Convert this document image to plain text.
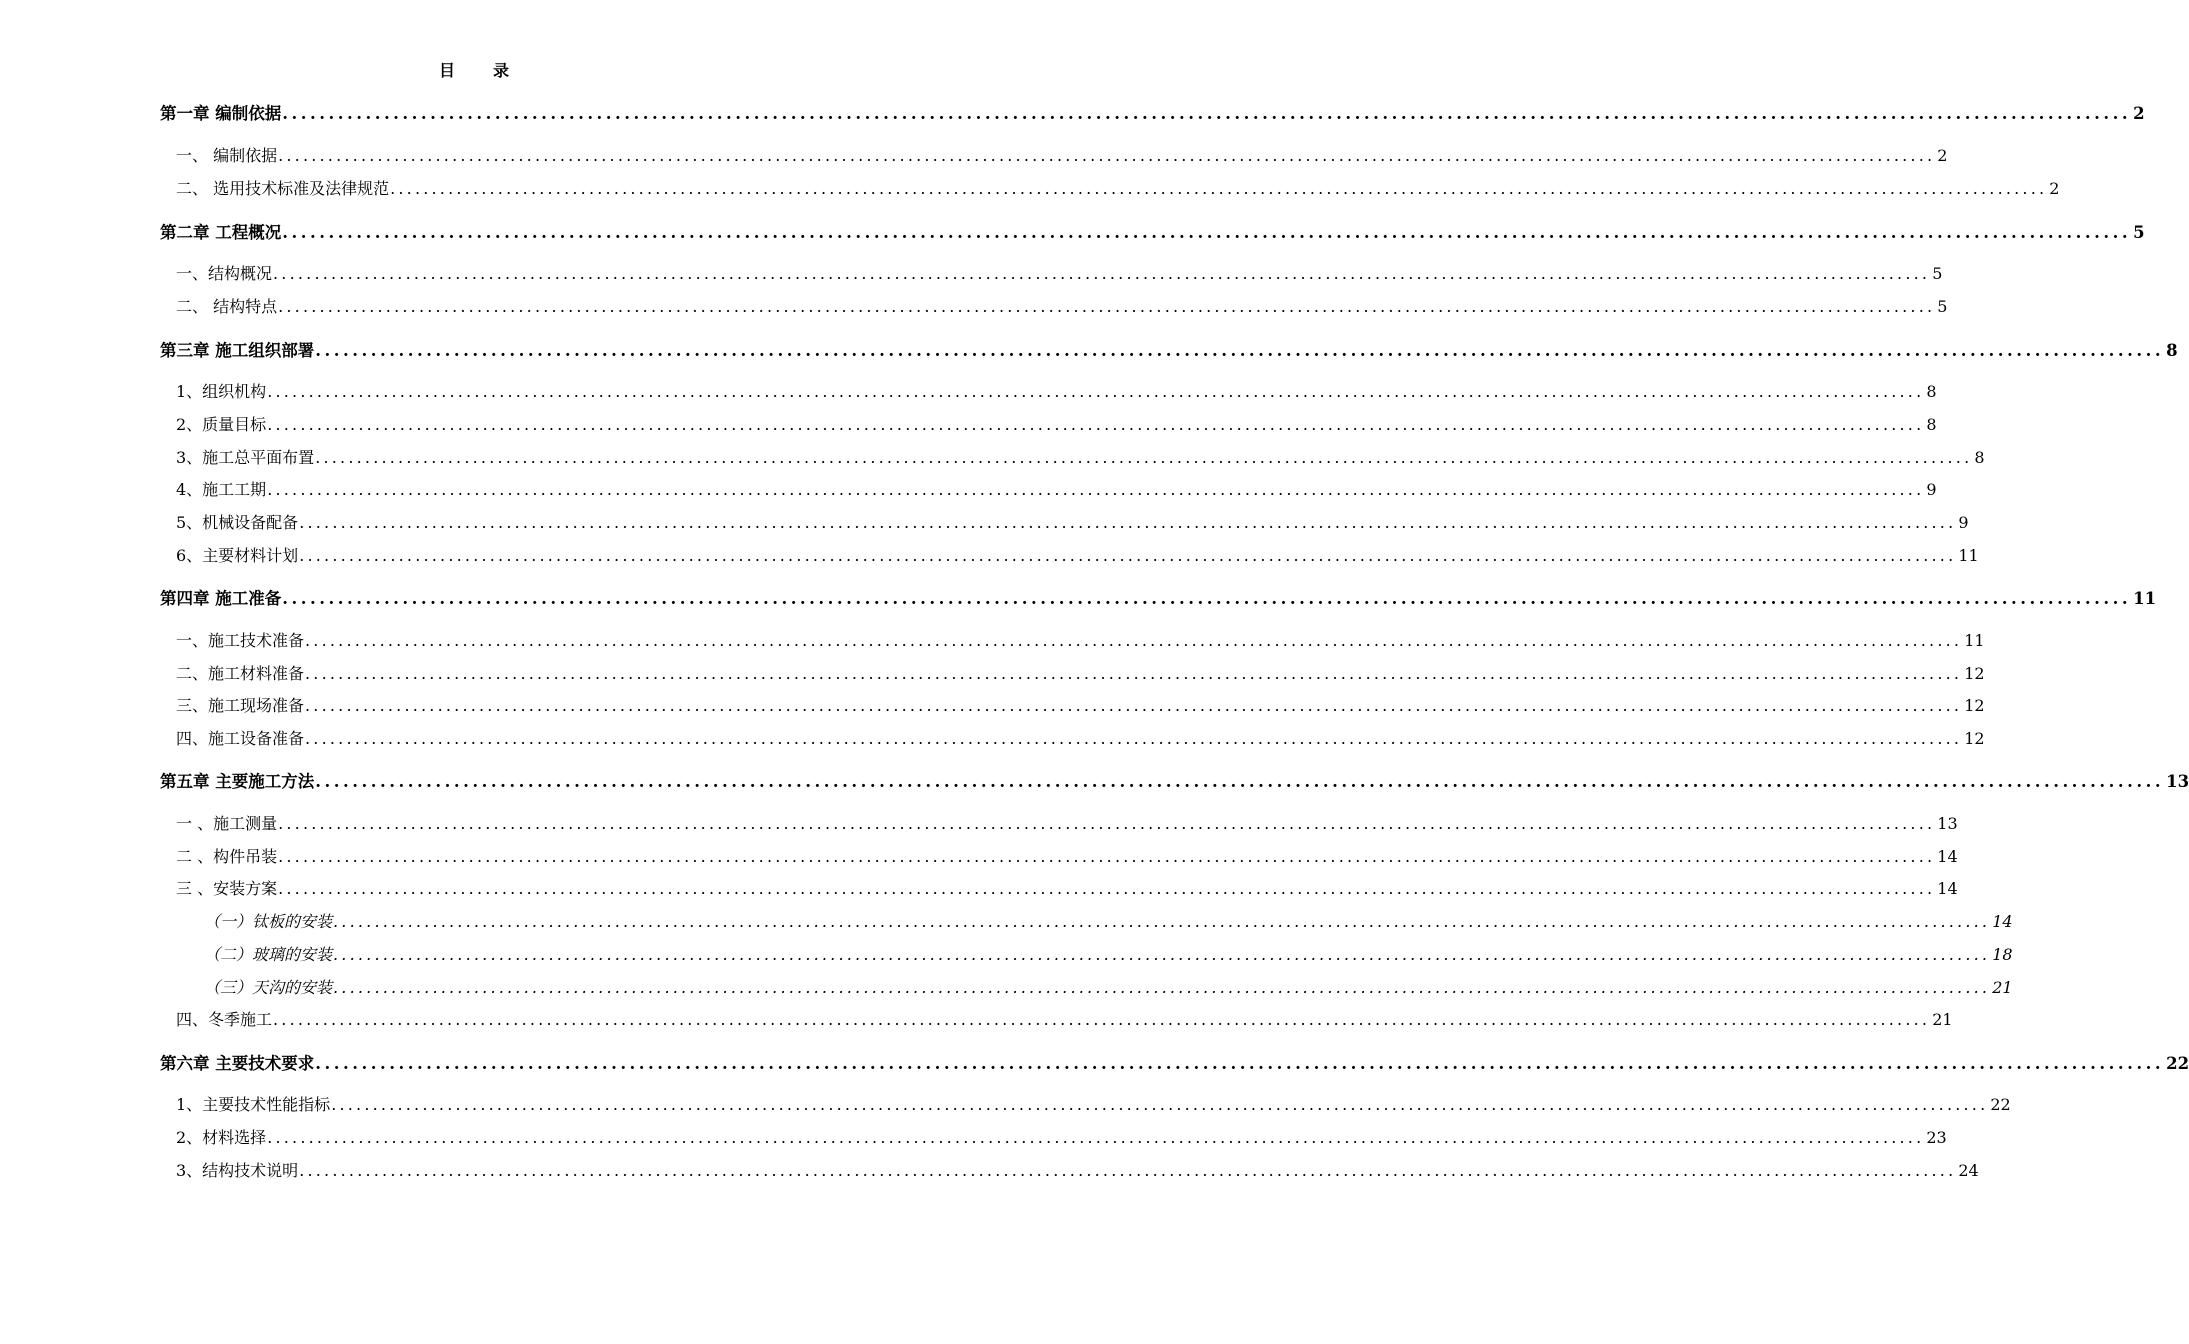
目 录
第一章 编制依据 ........................................................................................................................................................................................................ 2
一、 编制依据 ........................................................................................................................................................................................................ 2
二、 选用技术标准及法律规范 ........................................................................................................................................................................................................ 2
第二章 工程概况 ........................................................................................................................................................................................................ 5
一、结构概况 ........................................................................................................................................................................................................ 5
二、 结构特点 ........................................................................................................................................................................................................ 5
第三章 施工组织部署 ........................................................................................................................................................................................................ 8
1、组织机构 ........................................................................................................................................................................................................ 8
2、质量目标 ........................................................................................................................................................................................................ 8
3、施工总平面布置 ........................................................................................................................................................................................................ 8
4、施工工期 ........................................................................................................................................................................................................ 9
5、机械设备配备 ........................................................................................................................................................................................................ 9
6、主要材料计划 ........................................................................................................................................................................................................ 11
第四章 施工准备 ........................................................................................................................................................................................................ 11
一、施工技术准备 ........................................................................................................................................................................................................ 11
二、施工材料准备 ........................................................................................................................................................................................................ 12
三、施工现场准备 ........................................................................................................................................................................................................ 12
四、施工设备准备 ........................................................................................................................................................................................................ 12
第五章 主要施工方法 ........................................................................................................................................................................................................ 13
一 、施工测量 ........................................................................................................................................................................................................ 13
二 、构件吊装 ........................................................................................................................................................................................................ 14
三 、安装方案 ........................................................................................................................................................................................................ 14
（一）钛板的安装 ........................................................................................................................................................................................................ 14
（二）玻璃的安装 ........................................................................................................................................................................................................ 18
（三）天沟的安装 ........................................................................................................................................................................................................ 21
四、冬季施工 ........................................................................................................................................................................................................ 21
第六章 主要技术要求 ........................................................................................................................................................................................................ 22
1、主要技术性能指标 ........................................................................................................................................................................................................ 22
2、材料选择 ........................................................................................................................................................................................................ 23
3、结构技术说明 ........................................................................................................................................................................................................ 24
